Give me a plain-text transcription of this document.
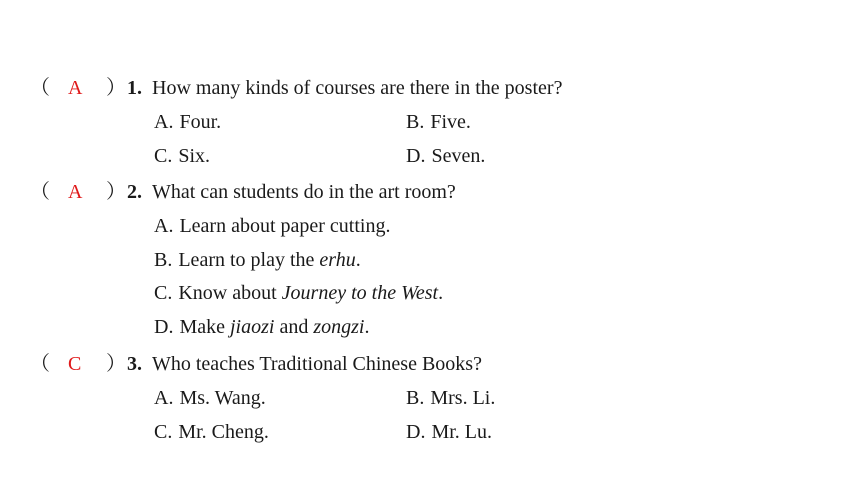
（ A ） 1. How many kinds of courses are there in the poster?
A. Four.	B. Five.
C. Six.	D. Seven.
（ A ） 2. What can students do in the art room?
A. Learn about paper cutting.
B. Learn to play the erhu.
C. Know about Journey to the West.
D. Make jiaozi and zongzi.
（ C ） 3. Who teaches Traditional Chinese Books?
A. Ms. Wang.	B. Mrs. Li.
C. Mr. Cheng.	D. Mr. Lu.
